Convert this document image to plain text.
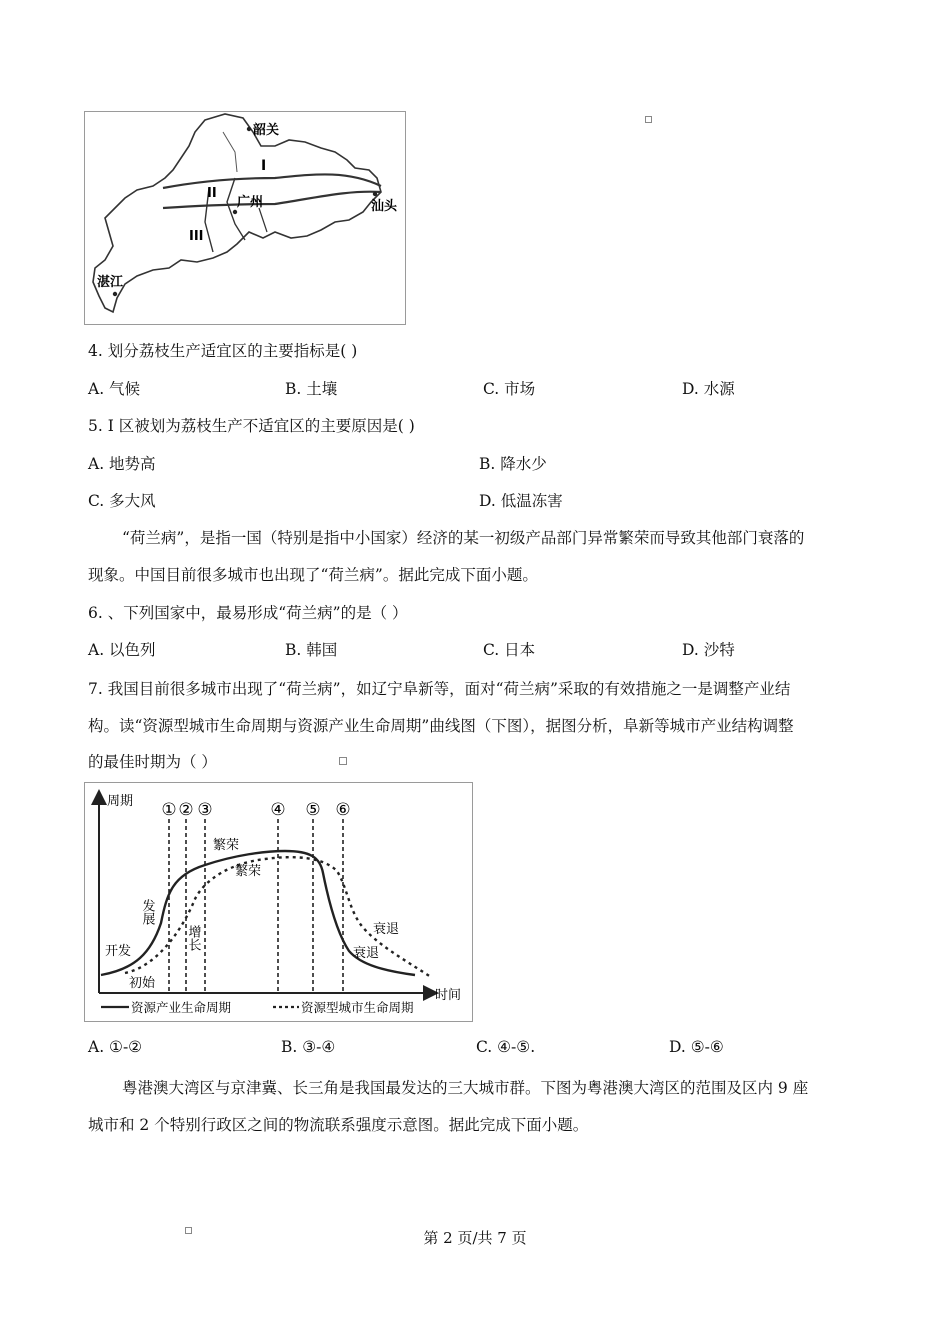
韶关
广州	汕头
湛江
I
II
III
4. 划分荔枝生产适宜区的主要指标是( )
A. 气候	B. 土壤	C. 市场	D. 水源
5. I 区被划为荔枝生产不适宜区的主要原因是( )
A. 地势高	B. 降水少
C. 多大风	D. 低温冻害
“荷兰病”，是指一国（特别是指中小国家）经济的某一初级产品部门异常繁荣而导致其他部门衰落的
现象。中国目前很多城市也出现了“荷兰病”。据此完成下面小题。
6. 、下列国家中，最易形成“荷兰病”的是（ ）
A. 以色列	B. 韩国	C. 日本	D. 沙特
7. 我国目前很多城市出现了“荷兰病”，如辽宁阜新等，面对“荷兰病”采取的有效措施之一是调整产业结
构。读“资源型城市生命周期与资源产业生命周期”曲线图（下图），据图分析，阜新等城市产业结构调整
的最佳时期为（ ）
周期
时间
① ② ③	④ ⑤ ⑥
开发
发展
繁荣
衰退
初始
增长
繁荣
衰退
资源产业生命周期	资源型城市生命周期
A. ①-②	B. ③-④	C. ④-⑤.	D. ⑤-⑥
粤港澳大湾区与京津冀、长三角是我国最发达的三大城市群。下图为粤港澳大湾区的范围及区内 9 座
城市和 2 个特别行政区之间的物流联系强度示意图。据此完成下面小题。
第 2 页/共 7 页
